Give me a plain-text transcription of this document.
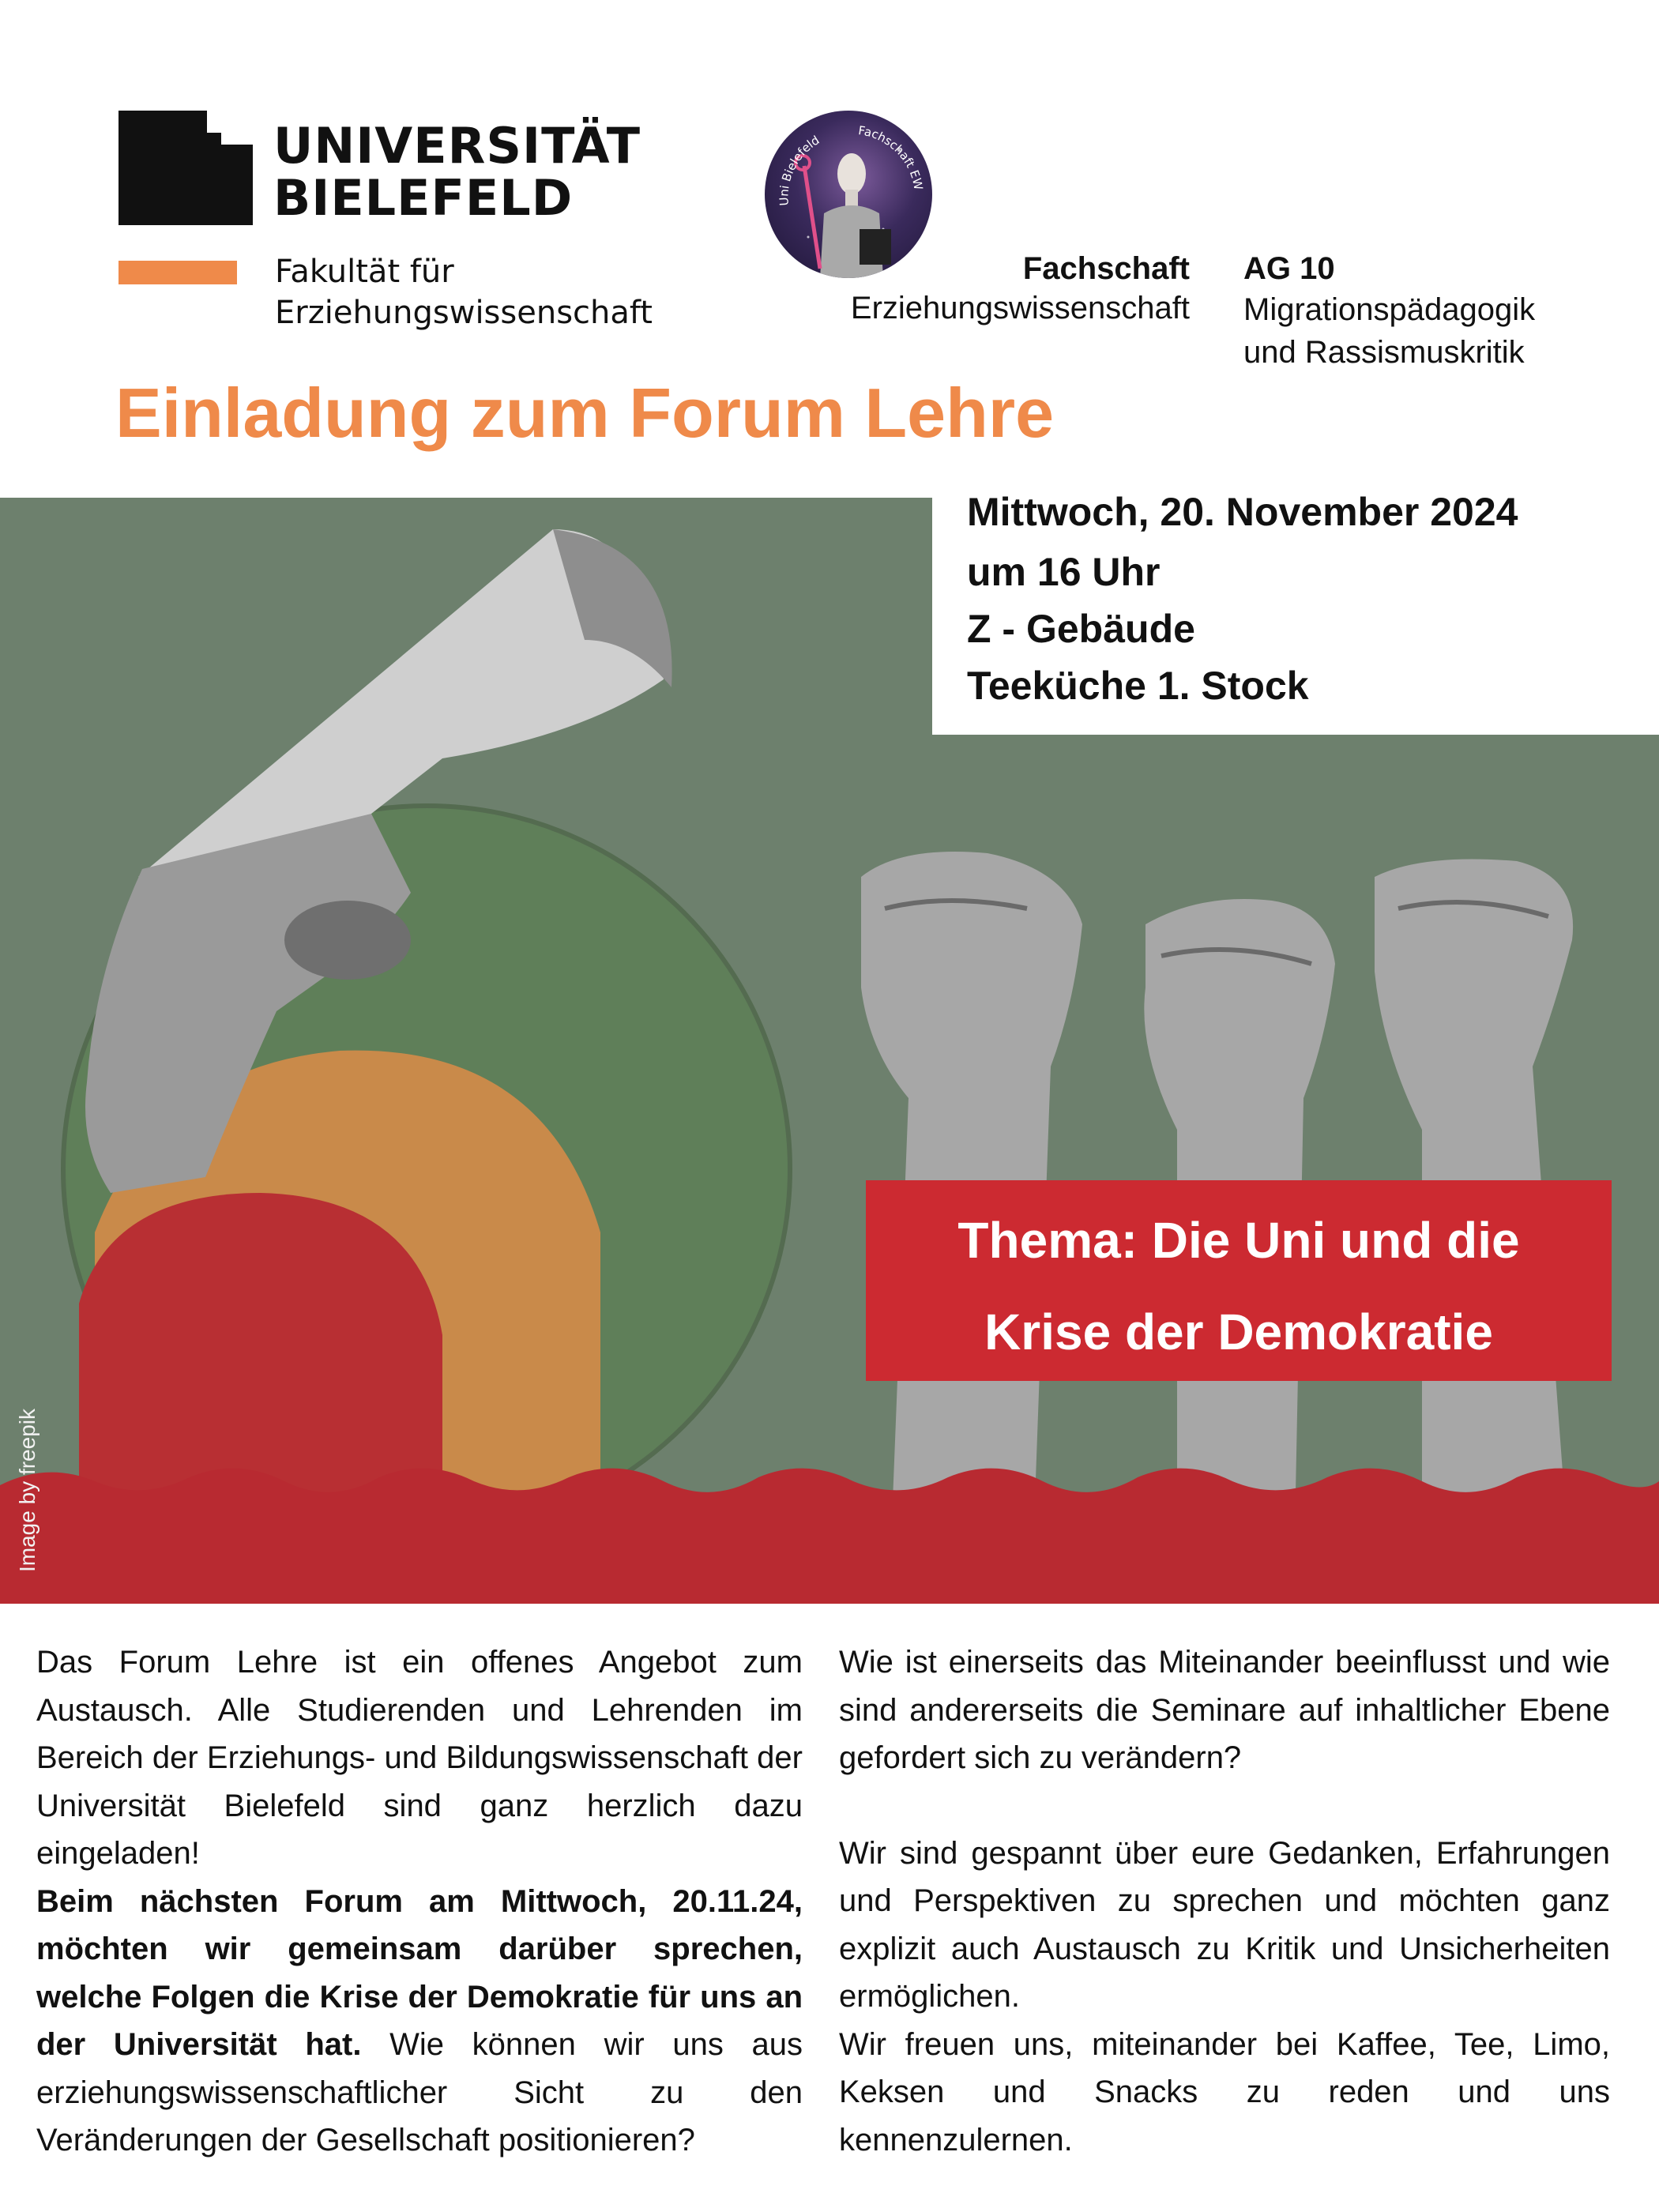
UNIVERSITÄT
BIELEFELD
Fakultät für
Erziehungswissenschaft
Uni Bielefeld
Fachschaft EW
Fachschaft
Erziehungswissenschaft
AG 10
Migrationspädagogik
und Rassismuskritik
Einladung zum Forum Lehre
Mittwoch, 20. November 2024
um 16 Uhr
Z - Gebäude
Teeküche 1. Stock
Thema: Die Uni und die
Krise der Demokratie
Image by freepik

Das Forum Lehre ist ein offenes Angebot zum Austausch. Alle Studierenden und Lehrenden im Bereich der Erziehungs- und Bildungswissenschaft der Universität Bielefeld sind ganz herzlich dazu eingeladen!

Beim nächsten Forum am Mittwoch, 20.11.24, möchten wir gemeinsam darüber sprechen, welche Folgen die Krise der Demokratie für uns an der Universität hat. Wie können wir uns aus erziehungswissenschaftlicher Sicht zu den Veränderungen der Gesellschaft positionieren?

Wie ist einerseits das Miteinander beeinflusst und wie sind andererseits die Seminare auf inhaltlicher Ebene gefordert sich zu verändern?

Wir sind gespannt über eure Gedanken, Erfahrungen und Perspektiven zu sprechen und möchten ganz explizit auch Austausch zu Kritik und Unsicherheiten ermöglichen.

Wir freuen uns, miteinander bei Kaffee, Tee, Limo, Keksen und Snacks zu reden und uns kennenzulernen.
